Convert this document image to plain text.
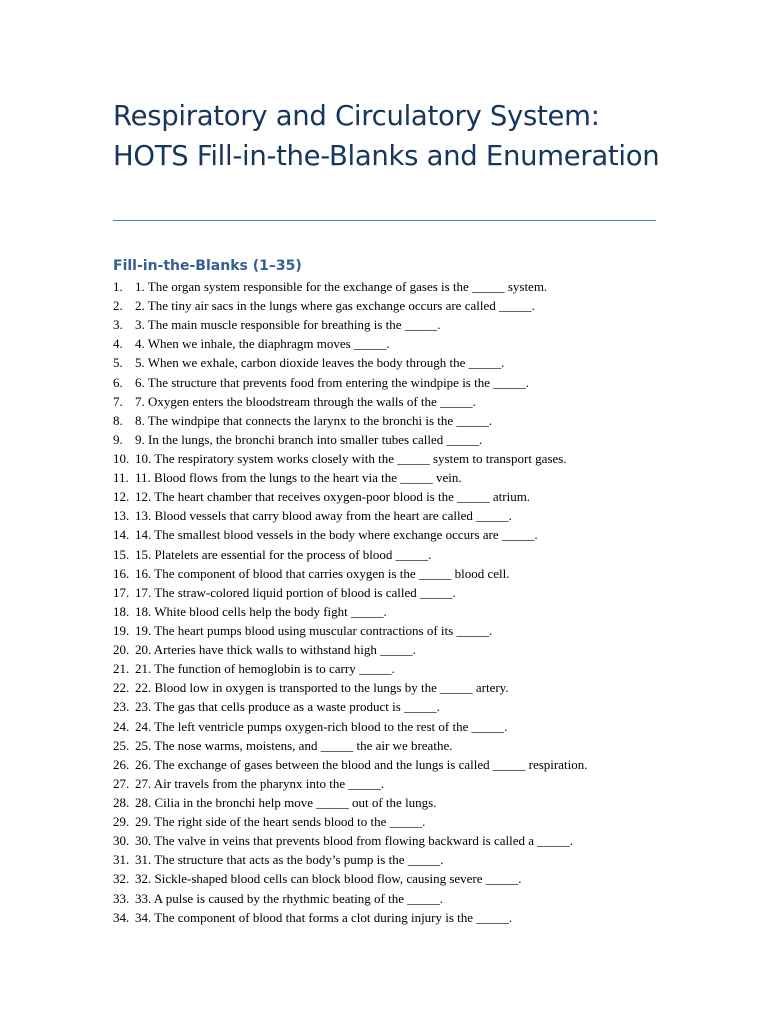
Respiratory and Circulatory System: HOTS Fill-in-the-Blanks and Enumeration
Fill-in-the-Blanks (1–35)
1. 1. The organ system responsible for the exchange of gases is the _____ system.
2. 2. The tiny air sacs in the lungs where gas exchange occurs are called _____.
3. 3. The main muscle responsible for breathing is the _____.
4. 4. When we inhale, the diaphragm moves _____.
5. 5. When we exhale, carbon dioxide leaves the body through the _____.
6. 6. The structure that prevents food from entering the windpipe is the _____.
7. 7. Oxygen enters the bloodstream through the walls of the _____.
8. 8. The windpipe that connects the larynx to the bronchi is the _____.
9. 9. In the lungs, the bronchi branch into smaller tubes called _____.
10. 10. The respiratory system works closely with the _____ system to transport gases.
11. 11. Blood flows from the lungs to the heart via the _____ vein.
12. 12. The heart chamber that receives oxygen-poor blood is the _____ atrium.
13. 13. Blood vessels that carry blood away from the heart are called _____.
14. 14. The smallest blood vessels in the body where exchange occurs are _____.
15. 15. Platelets are essential for the process of blood _____.
16. 16. The component of blood that carries oxygen is the _____ blood cell.
17. 17. The straw-colored liquid portion of blood is called _____.
18. 18. White blood cells help the body fight _____.
19. 19. The heart pumps blood using muscular contractions of its _____.
20. 20. Arteries have thick walls to withstand high _____.
21. 21. The function of hemoglobin is to carry _____.
22. 22. Blood low in oxygen is transported to the lungs by the _____ artery.
23. 23. The gas that cells produce as a waste product is _____.
24. 24. The left ventricle pumps oxygen-rich blood to the rest of the _____.
25. 25. The nose warms, moistens, and _____ the air we breathe.
26. 26. The exchange of gases between the blood and the lungs is called _____ respiration.
27. 27. Air travels from the pharynx into the _____.
28. 28. Cilia in the bronchi help move _____ out of the lungs.
29. 29. The right side of the heart sends blood to the _____.
30. 30. The valve in veins that prevents blood from flowing backward is called a _____.
31. 31. The structure that acts as the body’s pump is the _____.
32. 32. Sickle-shaped blood cells can block blood flow, causing severe _____.
33. 33. A pulse is caused by the rhythmic beating of the _____.
34. 34. The component of blood that forms a clot during injury is the _____.
